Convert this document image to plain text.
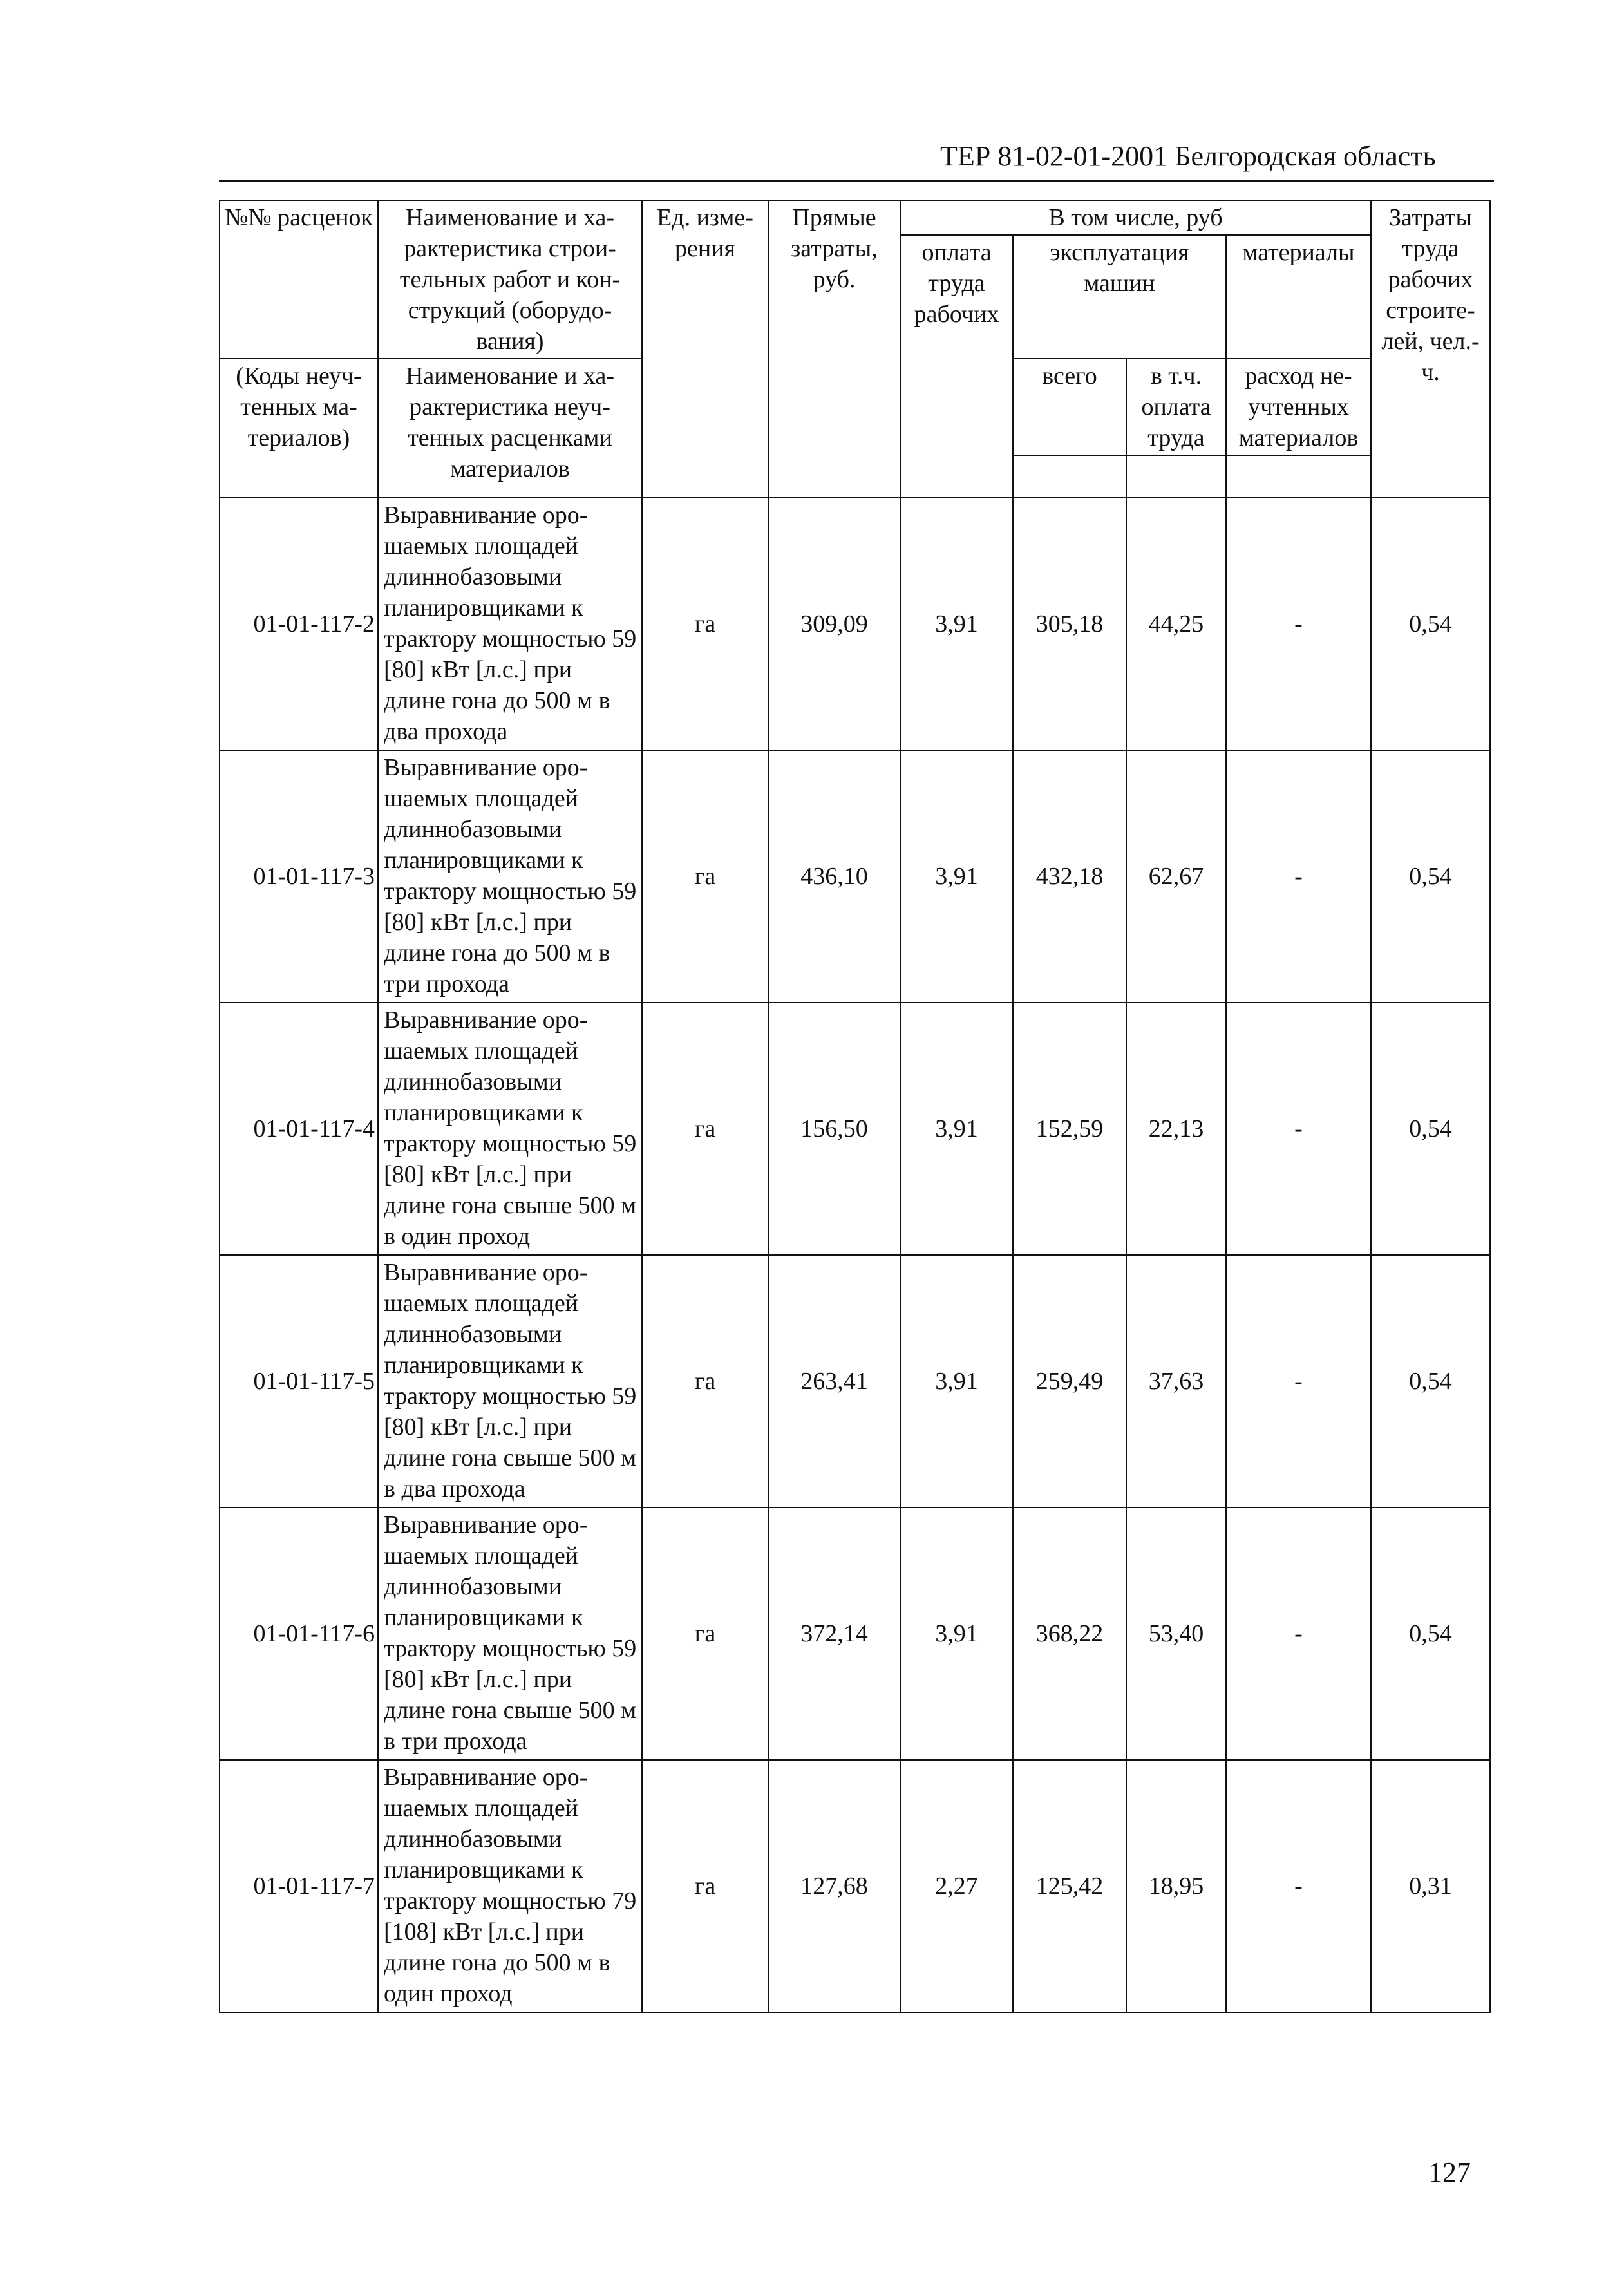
ТЕР 81-02-01-2001 Белгородская область
№№ расценок	Наименование и ха- рактеристика строи- тельных работ и кон- струкций (оборудо- вания)	Ед. изме- рения	Прямые затраты, руб.	В том числе, руб				Затраты труда рабочих строите- лей, чел.-ч.
				оплата труда рабочих	эксплуатация машин		материалы	
(Коды неуч- тенных ма- териалов)	Наименование и ха- рактеристика неуч- тенных расценками материалов				всего	в т.ч. оплата труда	расход не- учтенных материалов	

01-01-117-2	Выравнивание оро- шаемых площадей длиннобазовыми планировщиками к трактору мощностью 59 [80] кВт [л.с.] при длине гона до 500 м в два прохода	га	309,09	3,91	305,18	44,25	-	0,54
01-01-117-3	Выравнивание оро- шаемых площадей длиннобазовыми планировщиками к трактору мощностью 59 [80] кВт [л.с.] при длине гона до 500 м в три прохода	га	436,10	3,91	432,18	62,67	-	0,54
01-01-117-4	Выравнивание оро- шаемых площадей длиннобазовыми планировщиками к трактору мощностью 59 [80] кВт [л.с.] при длине гона свыше 500 м в один проход	га	156,50	3,91	152,59	22,13	-	0,54
01-01-117-5	Выравнивание оро- шаемых площадей длиннобазовыми планировщиками к трактору мощностью 59 [80] кВт [л.с.] при длине гона свыше 500 м в два прохода	га	263,41	3,91	259,49	37,63	-	0,54
01-01-117-6	Выравнивание оро- шаемых площадей длиннобазовыми планировщиками к трактору мощностью 59 [80] кВт [л.с.] при длине гона свыше 500 м в три прохода	га	372,14	3,91	368,22	53,40	-	0,54
01-01-117-7	Выравнивание оро- шаемых площадей длиннобазовыми планировщиками к трактору мощностью 79 [108] кВт [л.с.] при длине гона до 500 м в один проход	га	127,68	2,27	125,42	18,95	-	0,31
127
